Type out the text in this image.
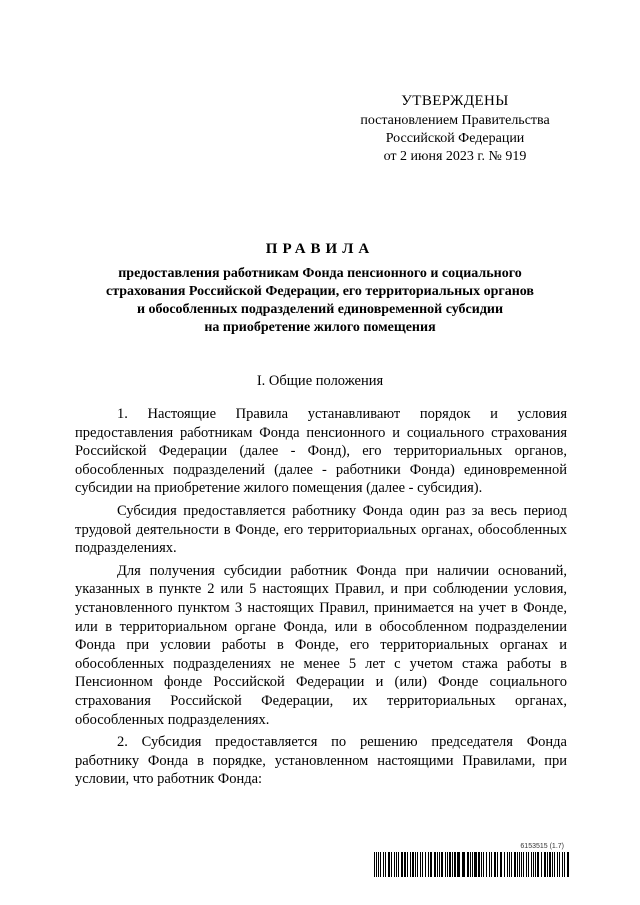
УТВЕРЖДЕНЫ
постановлением Правительства
Российской Федерации
от 2 июня 2023 г. № 919
ПРАВИЛА
предоставления работникам Фонда пенсионного и социального
страхования Российской Федерации, его территориальных органов
и обособленных подразделений единовременной субсидии
на приобретение жилого помещения
I. Общие положения

1. Настоящие Правила устанавливают порядок и условия предоставления работникам Фонда пенсионного и социального страхования Российской Федерации (далее - Фонд), его территориальных органов, обособленных подразделений (далее - работники Фонда) единовременной субсидии на приобретение жилого помещения (далее - субсидия).

Субсидия предоставляется работнику Фонда один раз за весь период трудовой деятельности в Фонде, его территориальных органах, обособленных подразделениях.

Для получения субсидии работник Фонда при наличии оснований, указанных в пункте 2 или 5 настоящих Правил, и при соблюдении условия, установленного пунктом 3 настоящих Правил, принимается на учет в Фонде, или в территориальном органе Фонда, или в обособленном подразделении Фонда при условии работы в Фонде, его территориальных органах и обособленных подразделениях не менее 5 лет с учетом стажа работы в Пенсионном фонде Российской Федерации и (или) Фонде социального страхования Российской Федерации, их территориальных органах, обособленных подразделениях.

2. Субсидия предоставляется по решению председателя Фонда работнику Фонда в порядке, установленном настоящими Правилами, при условии, что работник Фонда:

6153515 (1.7)
